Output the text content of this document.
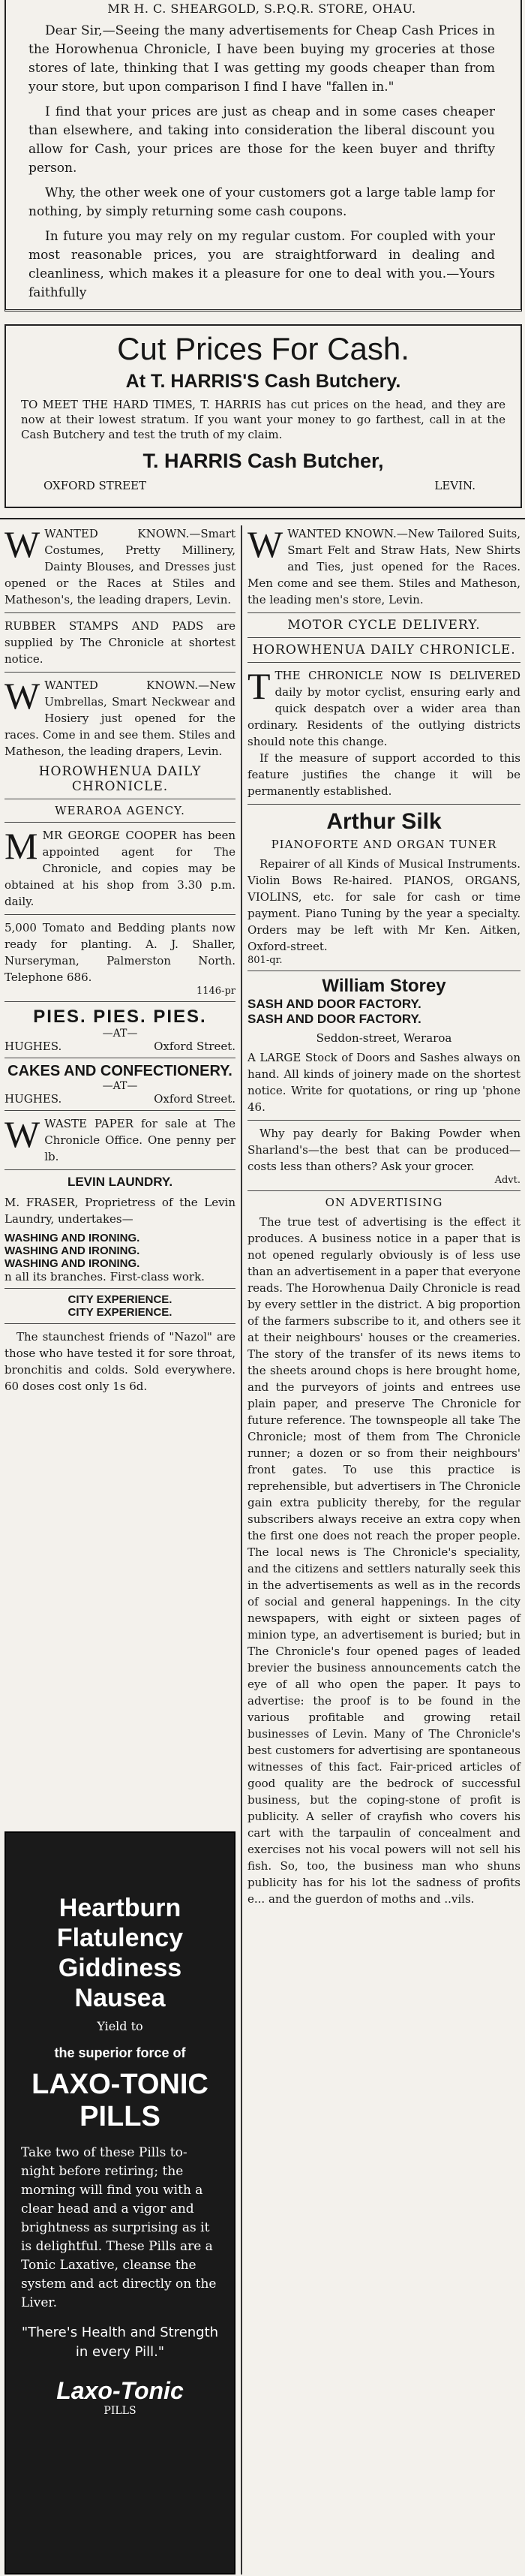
MR H. C. SHEARGOLD, S.P.Q.R. STORE, OHAU.

Dear Sir,—Seeing the many advertisements for Cheap Cash Prices in the Horowhenua Chronicle, I have been buying my groceries at those stores of late, thinking that I was getting my goods cheaper than from your store, but upon comparison I find I have "fallen in."

I find that your prices are just as cheap and in some cases cheaper than elsewhere, and taking into consideration the liberal discount you allow for Cash, your prices are those for the keen buyer and thrifty person.

Why, the other week one of your customers got a large table lamp for nothing, by simply returning some cash coupons.

In future you may rely on my regular custom. For coupled with your most reasonable prices, you are straightforward in dealing and cleanliness, which makes it a pleasure for one to deal with you.—Yours faithfully

Cut Prices For Cash.
At T. HARRIS'S Cash Butchery.

TO MEET THE HARD TIMES, T. HARRIS has cut prices on the head, and they are now at their lowest stratum. If you want your money to go farthest, call in at the Cash Butchery and test the truth of my claim.

T. HARRIS Cash Butcher,
OXFORD STREET	LEVIN.
WWANTED KNOWN.—Smart Costumes, Pretty Millinery, Dainty Blouses, and Dresses just opened or the Races at Stiles and Matheson's, the leading drapers, Levin.
RUBBER STAMPS AND PADS are supplied by The Chronicle at shortest notice.
WWANTED KNOWN.—New Umbrellas, Smart Neckwear and Hosiery just opened for the races. Come in and see them. Stiles and Matheson, the leading drapers, Levin.
HOROWHENUA DAILY CHRONICLE.
WERAROA AGENCY.
MMR GEORGE COOPER has been appointed agent for The Chronicle, and copies may be obtained at his shop from 3.30 p.m. daily.
5,000 Tomato and Bedding plants now ready for planting. A. J. Shaller, Nurseryman, Palmerston North. Telephone 686.
1146-pr
PIES. PIES. PIES.
—AT—
HUGHES.	Oxford Street.
CAKES AND CONFECTIONERY.
—AT—
HUGHES.	Oxford Street.
WWASTE PAPER for sale at The Chronicle Office. One penny per lb.
LEVIN LAUNDRY.
M. FRASER, Proprietress of the Levin Laundry, undertakes—
WASHING AND IRONING.
WASHING AND IRONING.
WASHING AND IRONING.
n all its branches. First-class work.
CITY EXPERIENCE.
CITY EXPERIENCE.
The staunchest friends of "Nazol" are those who have tested it for sore throat, bronchitis and colds. Sold everywhere. 60 doses cost only 1s 6d.
Heartburn
Flatulency
Giddiness
Nausea
Yield to
the superior force of
LAXO-TONIC
PILLS
Take two of these Pills to-night before retiring; the morning will find you with a clear head and a vigor and brightness as surprising as it is delightful. These Pills are a Tonic Laxative, cleanse the system and act directly on the Liver.
"There's Health and Strength in every Pill."
Laxo-Tonic
PILLS
WWANTED KNOWN.—New Tailored Suits, Smart Felt and Straw Hats, New Shirts and Ties, just opened for the Races. Men come and see them. Stiles and Matheson, the leading men's store, Levin.
MOTOR CYCLE DELIVERY.
HOROWHENUA DAILY CHRONICLE.
TTHE CHRONICLE NOW IS DELIVERED daily by motor cyclist, ensuring early and quick despatch over a wider area than ordinary. Residents of the outlying districts should note this change.
If the measure of support accorded to this feature justifies the change it will be permanently established.
Arthur Silk
PIANOFORTE AND ORGAN TUNER
Repairer of all Kinds of Musical Instruments. Violin Bows Re-haired. PIANOS, ORGANS, VIOLINS, etc. for sale for cash or time payment. Piano Tuning by the year a specialty. Orders may be left with Mr Ken. Aitken, Oxford-street.
801-qr.
William Storey
SASH AND DOOR FACTORY.
SASH AND DOOR FACTORY.
Seddon-street, Weraroa
A LARGE Stock of Doors and Sashes always on hand. All kinds of joinery made on the shortest notice. Write for quotations, or ring up 'phone 46.
Why pay dearly for Baking Powder when Sharland's—the best that can be produced—costs less than others? Ask your grocer.
Advt.
ON ADVERTISING
The true test of advertising is the effect it produces. A business notice in a paper that is not opened regularly obviously is of less use than an advertisement in a paper that everyone reads. The Horowhenua Daily Chronicle is read by every settler in the district. A big proportion of the farmers subscribe to it, and others see it at their neighbours' houses or the creameries. The story of the transfer of its news items to the sheets around chops is here brought home, and the purveyors of joints and entrees use plain paper, and preserve The Chronicle for future reference. The townspeople all take The Chronicle; most of them from The Chronicle runner; a dozen or so from their neighbours' front gates. To use this practice is reprehensible, but advertisers in The Chronicle gain extra publicity thereby, for the regular subscribers always receive an extra copy when the first one does not reach the proper people. The local news is The Chronicle's speciality, and the citizens and settlers naturally seek this in the advertisements as well as in the records of social and general happenings. In the city newspapers, with eight or sixteen pages of minion type, an advertisement is buried; but in The Chronicle's four opened pages of leaded brevier the business announcements catch the eye of all who open the paper. It pays to advertise: the proof is to be found in the various profitable and growing retail businesses of Levin. Many of The Chronicle's best customers for advertising are spontaneous witnesses of this fact. Fair-priced articles of good quality are the bedrock of successful business, but the coping-stone of profit is publicity. A seller of crayfish who covers his cart with the tarpaulin of concealment and exercises not his vocal powers will not sell his fish. So, too, the business man who shuns publicity has for his lot the sadness of profits e... and the guerdon of moths and ..vils.
